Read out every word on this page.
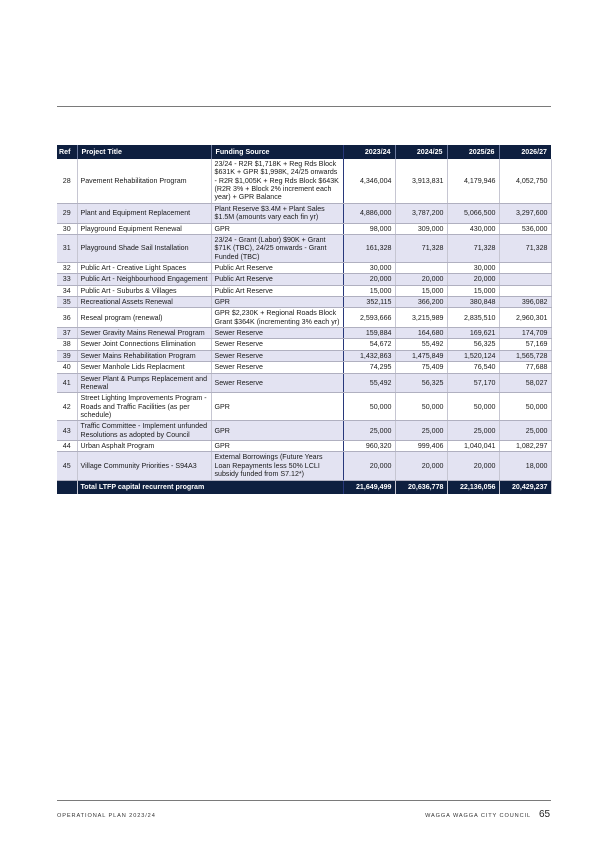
Ref	Project Title	Funding Source	2023/24	2024/25	2025/26	2026/27
28	Pavement Rehabilitation Program	23/24 - R2R $1,718K + Reg Rds Block $631K + GPR $1,998K, 24/25 onwards - R2R $1,005K + Reg Rds Block $643K (R2R 3% + Block 2% increment each year) + GPR Balance	4,346,004	3,913,831	4,179,946	4,052,750
29	Plant and Equipment Replacement	Plant Reserve $3.4M + Plant Sales $1.5M (amounts vary each fin yr)	4,886,000	3,787,200	5,066,500	3,297,600
30	Playground Equipment Renewal	GPR	98,000	309,000	430,000	536,000
31	Playground Shade Sail Installation	23/24 - Grant (Labor) $90K + Grant $71K (TBC), 24/25 onwards - Grant Funded (TBC)	161,328	71,328	71,328	71,328
32	Public Art - Creative Light Spaces	Public Art Reserve	30,000		30,000	
33	Public Art - Neighbourhood Engagement	Public Art Reserve	20,000	20,000	20,000	
34	Public Art - Suburbs & Villages	Public Art Reserve	15,000	15,000	15,000	
35	Recreational Assets Renewal	GPR	352,115	366,200	380,848	396,082
36	Reseal program (renewal)	GPR $2,230K + Regional Roads Block Grant $364K (incrementing 3% each yr)	2,593,666	3,215,989	2,835,510	2,960,301
37	Sewer Gravity Mains Renewal Program	Sewer Reserve	159,884	164,680	169,621	174,709
38	Sewer Joint Connections Elimination	Sewer Reserve	54,672	55,492	56,325	57,169
39	Sewer Mains Rehabilitation Program	Sewer Reserve	1,432,863	1,475,849	1,520,124	1,565,728
40	Sewer Manhole Lids Replacment	Sewer Reserve	74,295	75,409	76,540	77,688
41	Sewer Plant & Pumps Replacement and Renewal	Sewer Reserve	55,492	56,325	57,170	58,027
42	Street Lighting Improvements Program - Roads and Traffic Facilities (as per schedule)	GPR	50,000	50,000	50,000	50,000
43	Traffic Committee - Implement unfunded Resolutions as adopted by Council	GPR	25,000	25,000	25,000	25,000
44	Urban Asphalt Program	GPR	960,320	999,406	1,040,041	1,082,297
45	Village Community Priorities - S94A3	External Borrowings (Future Years Loan Repayments less 50% LCLI subsidy funded from S7.12*)	20,000	20,000	20,000	18,000
	Total LTFP capital recurrent program		21,649,499	20,636,778	22,136,056	20,429,237
OPERATIONAL PLAN 2023/24	WAGGA WAGGA CITY COUNCIL 65
